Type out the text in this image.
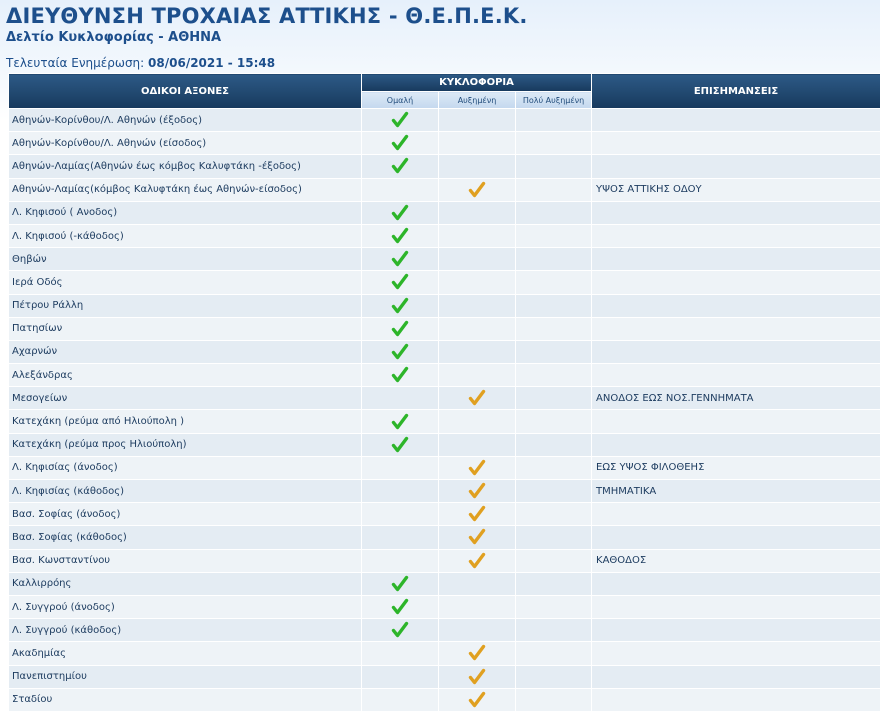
ΔΙΕΥΘΥΝΣΗ ΤΡΟΧΑΙΑΣ ΑΤΤΙΚΗΣ - Θ.Ε.Π.Ε.Κ.
Δελτίο Κυκλοφορίας - ΑΘΗΝΑ
Τελευταία Ενημέρωση: 08/06/2021 - 15:48
ΟΔΙΚΟΙ ΑΞΟΝΕΣ	ΚΥΚΛΟΦΟΡΙΑ			ΕΠΙΣΗΜΑΝΣΕΙΣ
	Ομαλή	Αυξημένη	Πολύ Αυξημένη	
Αθηνών-Κορίνθου/Λ. Αθηνών (έξοδος)				
Αθηνών-Κορίνθου/Λ. Αθηνών (είσοδος)				
Αθηνών-Λαμίας(Αθηνών έως κόμβος Καλυφτάκη -έξοδος)				
Αθηνών-Λαμίας(κόμβος Καλυφτάκη έως Αθηνών-είσοδος)				ΥΨΟΣ ΑΤΤΙΚΗΣ ΟΔΟΥ
Λ. Κηφισού ( Ανοδος)				
Λ. Κηφισού (-κάθοδος)				
Θηβών				
Ιερά Οδός				
Πέτρου Ράλλη				
Πατησίων				
Αχαρνών				
Αλεξάνδρας				
Μεσογείων				ΑΝΟΔΟΣ ΕΩΣ ΝΟΣ.ΓΕΝΝΗΜΑΤΑ
Κατεχάκη (ρεύμα από Ηλιούπολη )				
Κατεχάκη (ρεύμα προς Ηλιούπολη)				
Λ. Κηφισίας (άνοδος)				ΕΩΣ ΥΨΟΣ ΦΙΛΟΘΕΗΣ
Λ. Κηφισίας (κάθοδος)				ΤΜΗΜΑΤΙΚΑ
Βασ. Σοφίας (άνοδος)				
Βασ. Σοφίας (κάθοδος)				
Βασ. Κωνσταντίνου				ΚΑΘΟΔΟΣ
Καλλιρρόης				
Λ. Συγγρού (άνοδος)				
Λ. Συγγρού (κάθοδος)				
Ακαδημίας				
Πανεπιστημίου				
Σταδίου				
